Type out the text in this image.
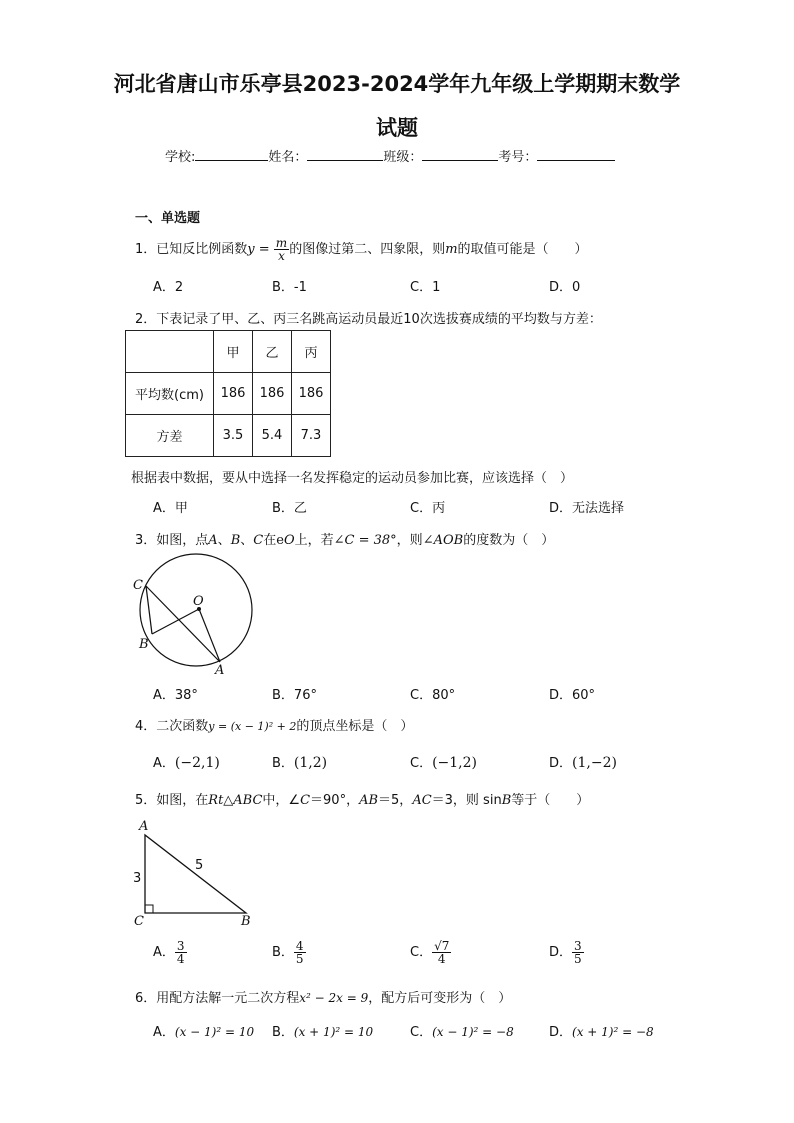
河北省唐山市乐亭县2023-2024学年九年级上学期期末数学
试题
学校:	姓名：	班级：	考号：
一、单选题
1．已知反比例函数$y = \frac{m}{x}$ 的图像过第二、四象限，则m的取值可能是（　　）
A．2	B．-1	C．1	D．0
2．下表记录了甲、乙、丙三名跳高运动员最近10次选拔赛成绩的平均数与方差：
	甲	乙	丙
平均数(cm)	186	186	186
方差	3.5	5.4	7.3
根据表中数据，要从中选择一名发挥稳定的运动员参加比赛，应该选择（　）
A．甲	B．乙	C．丙	D．无法选择
3．如图，点A、B、C在eO上，若∠C = 38°，则∠AOB的度数为（　）
C
O
B
A
A．38°	B．76°	C．80°	D．60°
4．二次函数y = (x − 1)² + 2的顶点坐标是（　）
A．(−2,1)	B．(1,2)	C．(−1,2)	D．(1,−2)
5．如图，在Rt△ABC中，∠C＝90°，AB＝5，AC＝3，则 sinB等于（　　）
A
3
5
C	B
A． $\frac{3}{4}$	B． $\frac{4}{5}$	C． $\frac{√7}{4}$	D． $\frac{3}{5}$
6．用配方法解一元二次方程x² − 2x = 9，配方后可变形为（　）
A．(x − 1)² = 10 B．(x + 1)² = 10	C．(x − 1)² = −8	D．(x + 1)² = −8
